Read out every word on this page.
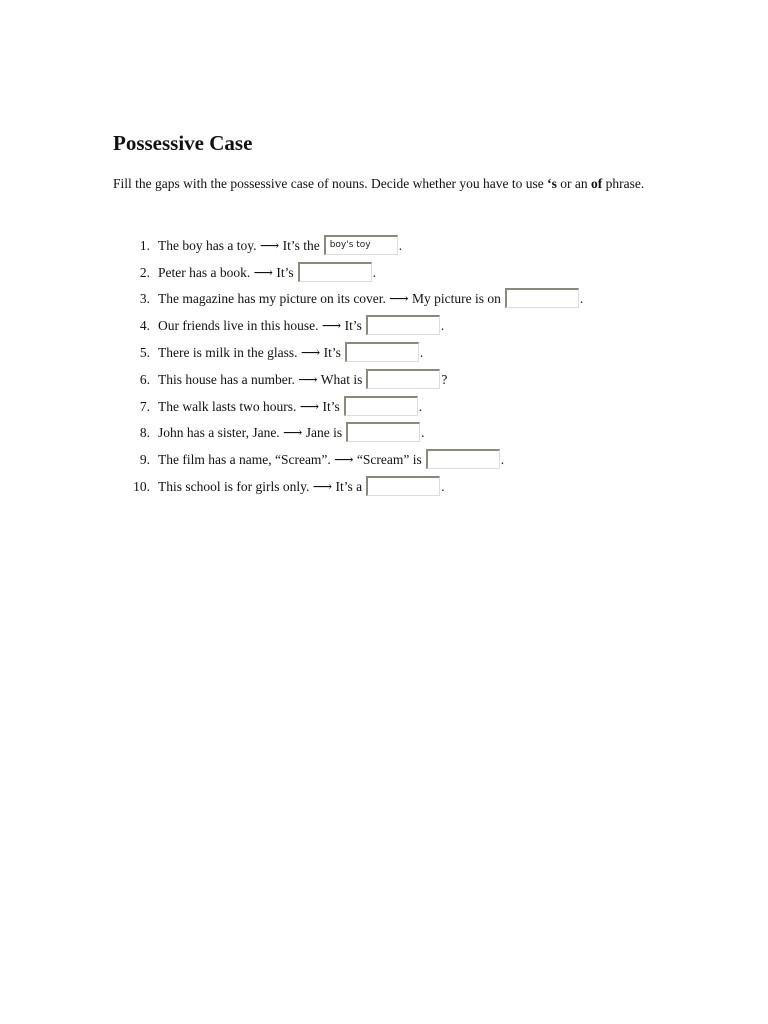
Possessive Case

Fill the gaps with the possessive case of nouns. Decide whether you have to use ‘s or an of phrase.

1. The boy has a toy. ⟶ It’s the
boy's toy	.
2. Peter has a book. ⟶ It’s	.
3. The magazine has my picture on its cover. ⟶ My picture is on	.
4. Our friends live in this house. ⟶ It’s	.
5. There is milk in the glass. ⟶ It’s	.
6. This house has a number. ⟶ What is	?
7. The walk lasts two hours. ⟶ It’s	.
8. John has a sister, Jane. ⟶ Jane is	.
9. The film has a name, “Scream”. ⟶ “Scream” is	.
10. This school is for girls only. ⟶ It’s a	.
